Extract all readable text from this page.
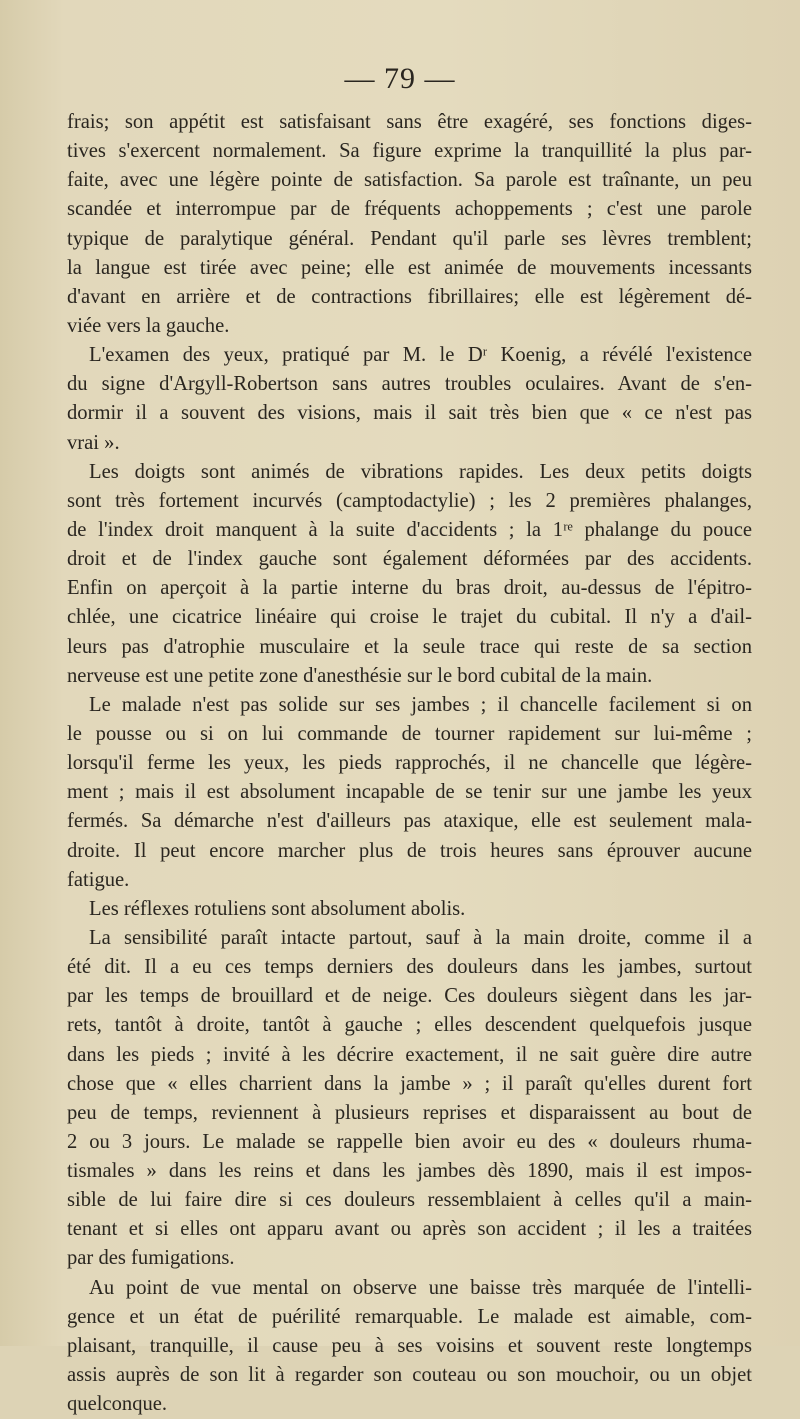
— 79 —
frais; son appétit est satisfaisant sans être exagéré, ses fonctions diges-
tives s'exercent normalement. Sa figure exprime la tranquillité la plus par-
faite, avec une légère pointe de satisfaction. Sa parole est traînante, un peu
scandée et interrompue par de fréquents achoppements ; c'est une parole
typique de paralytique général. Pendant qu'il parle ses lèvres tremblent;
la langue est tirée avec peine; elle est animée de mouvements incessants
d'avant en arrière et de contractions fibrillaires; elle est légèrement dé-
viée vers la gauche.
L'examen des yeux, pratiqué par M. le Dʳ Koenig, a révélé l'existence
du signe d'Argyll-Robertson sans autres troubles oculaires. Avant de s'en-
dormir il a souvent des visions, mais il sait très bien que « ce n'est pas
vrai ».
Les doigts sont animés de vibrations rapides. Les deux petits doigts
sont très fortement incurvés (camptodactylie) ; les 2 premières phalanges,
de l'index droit manquent à la suite d'accidents ; la 1ʳᵉ phalange du pouce
droit et de l'index gauche sont également déformées par des accidents.
Enfin on aperçoit à la partie interne du bras droit, au-dessus de l'épitro-
chlée, une cicatrice linéaire qui croise le trajet du cubital. Il n'y a d'ail-
leurs pas d'atrophie musculaire et la seule trace qui reste de sa section
nerveuse est une petite zone d'anesthésie sur le bord cubital de la main.
Le malade n'est pas solide sur ses jambes ; il chancelle facilement si on
le pousse ou si on lui commande de tourner rapidement sur lui-même ;
lorsqu'il ferme les yeux, les pieds rapprochés, il ne chancelle que légère-
ment ; mais il est absolument incapable de se tenir sur une jambe les yeux
fermés. Sa démarche n'est d'ailleurs pas ataxique, elle est seulement mala-
droite. Il peut encore marcher plus de trois heures sans éprouver aucune
fatigue.
Les réflexes rotuliens sont absolument abolis.
La sensibilité paraît intacte partout, sauf à la main droite, comme il a
été dit. Il a eu ces temps derniers des douleurs dans les jambes, surtout
par les temps de brouillard et de neige. Ces douleurs siègent dans les jar-
rets, tantôt à droite, tantôt à gauche ; elles descendent quelquefois jusque
dans les pieds ; invité à les décrire exactement, il ne sait guère dire autre
chose que « elles charrient dans la jambe » ; il paraît qu'elles durent fort
peu de temps, reviennent à plusieurs reprises et disparaissent au bout de
2 ou 3 jours. Le malade se rappelle bien avoir eu des « douleurs rhuma-
tismales » dans les reins et dans les jambes dès 1890, mais il est impos-
sible de lui faire dire si ces douleurs ressemblaient à celles qu'il a main-
tenant et si elles ont apparu avant ou après son accident ; il les a traitées
par des fumigations.
Au point de vue mental on observe une baisse très marquée de l'intelli-
gence et un état de puérilité remarquable. Le malade est aimable, com-
plaisant, tranquille, il cause peu à ses voisins et souvent reste longtemps
assis auprès de son lit à regarder son couteau ou son mouchoir, ou un objet
quelconque.
